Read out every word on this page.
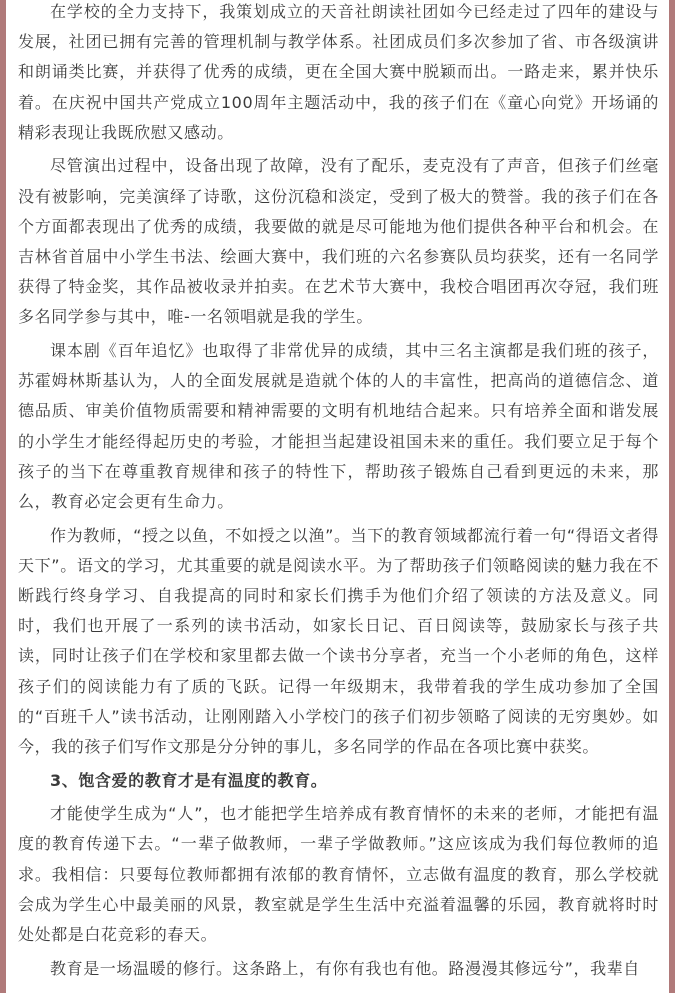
在学校的全力支持下，我策划成立的天音社朗读社团如今已经走过了四年的建设与发展，社团已拥有完善的管理机制与教学体系。社团成员们多次参加了省、市各级演讲和朗诵类比赛，并获得了优秀的成绩，更在全国大赛中脱颖而出。一路走来，累并快乐着。在庆祝中国共产党成立100周年主题活动中，我的孩子们在《童心向党》开场诵的精彩表现让我既欣慰又感动。

尽管演出过程中，设备出现了故障，没有了配乐，麦克没有了声音，但孩子们丝毫没有被影响，完美演绎了诗歌，这份沉稳和淡定，受到了极大的赞誉。我的孩子们在各个方面都表现出了优秀的成绩，我要做的就是尽可能地为他们提供各种平台和机会。在吉林省首届中小学生书法、绘画大赛中，我们班的六名参赛队员均获奖，还有一名同学获得了特金奖，其作品被收录并拍卖。在艺术节大赛中，我校合唱团再次夺冠，我们班多名同学参与其中，唯-一名领唱就是我的学生。

课本剧《百年追忆》也取得了非常优异的成绩，其中三名主演都是我们班的孩子，苏霍姆林斯基认为，人的全面发展就是造就个体的人的丰富性，把高尚的道德信念、道德品质、审美价值物质需要和精神需要的文明有机地结合起来。只有培养全面和谐发展的小学生才能经得起历史的考验，才能担当起建设祖国未来的重任。我们要立足于每个孩子的当下在尊重教育规律和孩子的特性下，帮助孩子锻炼自己看到更远的未来，那么，教育必定会更有生命力。

作为教师，“授之以鱼，不如授之以渔”。当下的教育领域都流行着一句“得语文者得天下”。语文的学习，尤其重要的就是阅读水平。为了帮助孩子们领略阅读的魅力我在不断践行终身学习、自我提高的同时和家长们携手为他们介绍了领读的方法及意义。同时，我们也开展了一系列的读书活动，如家长日记、百日阅读等，鼓励家长与孩子共读，同时让孩子们在学校和家里都去做一个读书分享者，充当一个小老师的角色，这样孩子们的阅读能力有了质的飞跃。记得一年级期末，我带着我的学生成功参加了全国的“百班千人”读书活动，让刚刚踏入小学校门的孩子们初步领略了阅读的无穷奥妙。如今，我的孩子们写作文那是分分钟的事儿，多名同学的作品在各项比赛中获奖。

3、饱含爱的教育才是有温度的教育。

才能使学生成为“人”，也才能把学生培养成有教育情怀的未来的老师，才能把有温度的教育传递下去。“一辈子做教师，一辈子学做教师。”这应该成为我们每位教师的追求。我相信：只要每位教师都拥有浓郁的教育情怀，立志做有温度的教育，那么学校就会成为学生心中最美丽的风景，教室就是学生生活中充溢着温馨的乐园，教育就将时时处处都是白花竞彩的春天。

教育是一场温暖的修行。这条路上，有你有我也有他。路漫漫其修远兮”，我辈自
